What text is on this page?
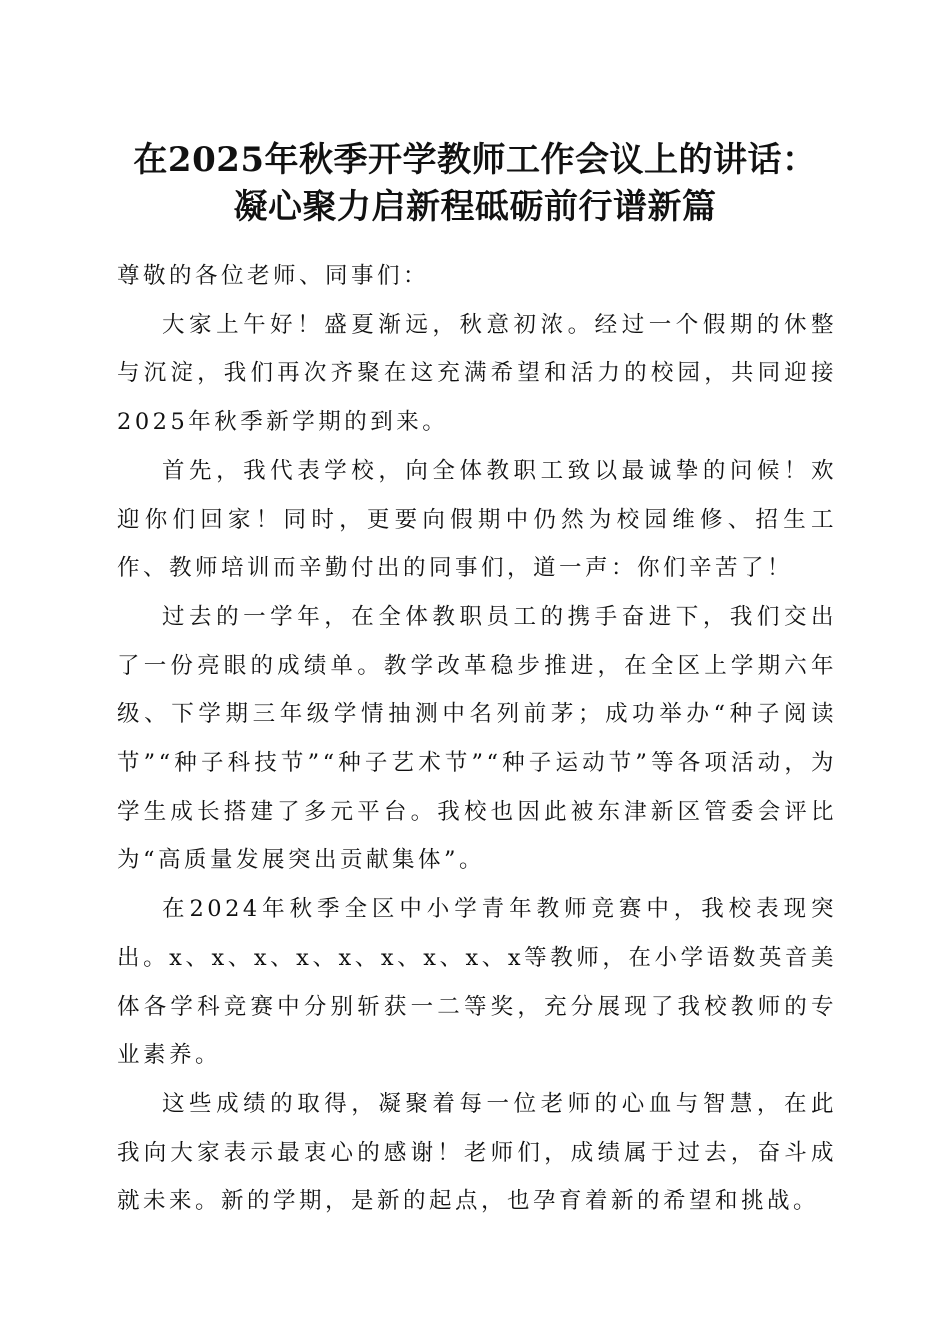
在2025年秋季开学教师工作会议上的讲话：
凝心聚力启新程砥砺前行谱新篇

尊敬的各位老师、同事们：

大家上午好！盛夏渐远，秋意初浓。经过一个假期的休整与沉淀，我们再次齐聚在这充满希望和活力的校园，共同迎接2025年秋季新学期的到来。

首先，我代表学校，向全体教职工致以最诚挚的问候！欢迎你们回家！同时，更要向假期中仍然为校园维修、招生工作、教师培训而辛勤付出的同事们，道一声：你们辛苦了！

过去的一学年，在全体教职员工的携手奋进下，我们交出了一份亮眼的成绩单。教学改革稳步推进，在全区上学期六年级、下学期三年级学情抽测中名列前茅；成功举办“种子阅读节”“种子科技节”“种子艺术节”“种子运动节”等各项活动，为学生成长搭建了多元平台。我校也因此被东津新区管委会评比为“高质量发展突出贡献集体”。

在2024年秋季全区中小学青年教师竞赛中，我校表现突出。x、x、x、x、x、x、x、x、x等教师，在小学语数英音美体各学科竞赛中分别斩获一二等奖，充分展现了我校教师的专业素养。

这些成绩的取得，凝聚着每一位老师的心血与智慧，在此我向大家表示最衷心的感谢！老师们，成绩属于过去，奋斗成就未来。新的学期，是新的起点，也孕育着新的希望和挑战。
